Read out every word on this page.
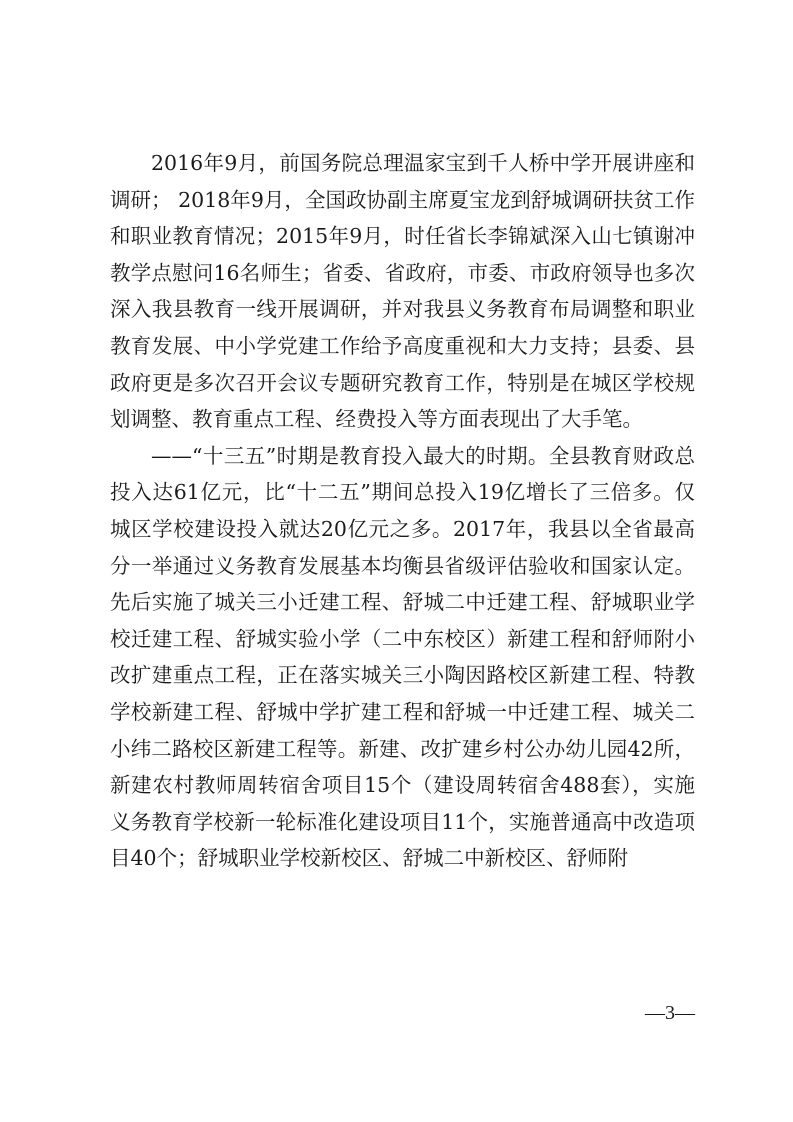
2016年9月，前国务院总理温家宝到千人桥中学开展讲座和调研； 2018年9月，全国政协副主席夏宝龙到舒城调研扶贫工作和职业教育情况；2015年9月，时任省长李锦斌深入山七镇谢冲教学点慰问16名师生；省委、省政府，市委、市政府领导也多次深入我县教育一线开展调研，并对我县义务教育布局调整和职业教育发展、中小学党建工作给予高度重视和大力支持；县委、县政府更是多次召开会议专题研究教育工作，特别是在城区学校规划调整、教育重点工程、经费投入等方面表现出了大手笔。

——“十三五”时期是教育投入最大的时期。全县教育财政总投入达61亿元，比“十二五”期间总投入19亿增长了三倍多。仅城区学校建设投入就达20亿元之多。2017年，我县以全省最高分一举通过义务教育发展基本均衡县省级评估验收和国家认定。先后实施了城关三小迁建工程、舒城二中迁建工程、舒城职业学校迁建工程、舒城实验小学（二中东校区）新建工程和舒师附小改扩建重点工程，正在落实城关三小陶因路校区新建工程、特教学校新建工程、舒城中学扩建工程和舒城一中迁建工程、城关二小纬二路校区新建工程等。新建、改扩建乡村公办幼儿园42所，新建农村教师周转宿舍项目15个（建设周转宿舍488套），实施义务教育学校新一轮标准化建设项目11个，实施普通高中改造项目40个；舒城职业学校新校区、舒城二中新校区、舒师附

—3—
